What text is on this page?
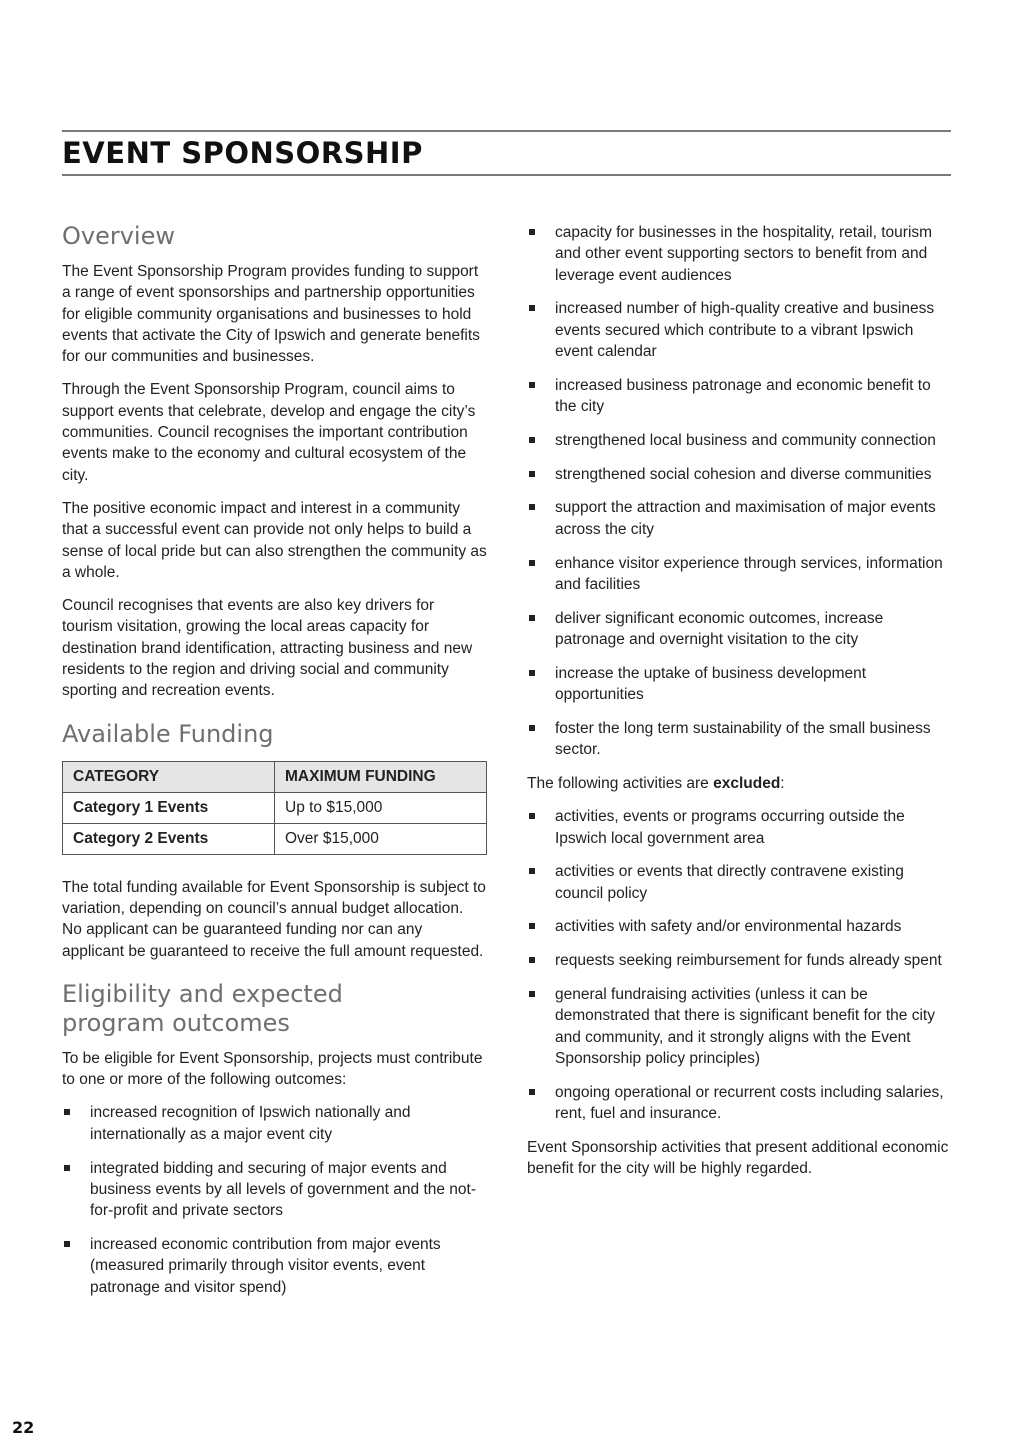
EVENT SPONSORSHIP
Overview

The Event Sponsorship Program provides funding to support a range of event sponsorships and partnership opportunities for eligible community organisations and businesses to hold events that activate the City of Ipswich and generate benefits for our communities and businesses.

Through the Event Sponsorship Program, council aims to support events that celebrate, develop and engage the city’s communities. Council recognises the important contribution events make to the economy and cultural ecosystem of the city.

The positive economic impact and interest in a community that a successful event can provide not only helps to build a sense of local pride but can also strengthen the community as a whole.

Council recognises that events are also key drivers for tourism visitation, growing the local areas capacity for destination brand identification, attracting business and new residents to the region and driving social and community sporting and recreation events.

Available Funding
CATEGORY	MAXIMUM FUNDING
Category 1 Events	Up to $15,000
Category 2 Events	Over $15,000

The total funding available for Event Sponsorship is subject to variation, depending on council’s annual budget allocation. No applicant can be guaranteed funding nor can any applicant be guaranteed to receive the full amount requested.

Eligibility and expected
program outcomes

To be eligible for Event Sponsorship, projects must contribute to one or more of the following outcomes:

increased recognition of Ipswich nationally and internationally as a major event city
integrated bidding and securing of major events and business events by all levels of government and the not-for-profit and private sectors
increased economic contribution from major events (measured primarily through visitor events, event patronage and visitor spend)
capacity for businesses in the hospitality, retail, tourism and other event supporting sectors to benefit from and leverage event audiences
increased number of high-quality creative and business events secured which contribute to a vibrant Ipswich event calendar
increased business patronage and economic benefit to the city
strengthened local business and community connection
strengthened social cohesion and diverse communities
support the attraction and maximisation of major events across the city
enhance visitor experience through services, information and facilities
deliver significant economic outcomes, increase patronage and overnight visitation to the city
increase the uptake of business development opportunities
foster the long term sustainability of the small business sector.

The following activities are excluded:

activities, events or programs occurring outside the Ipswich local government area
activities or events that directly contravene existing council policy
activities with safety and/or environmental hazards
requests seeking reimbursement for funds already spent
general fundraising activities (unless it can be demonstrated that there is significant benefit for the city and community, and it strongly aligns with the Event Sponsorship policy principles)
ongoing operational or recurrent costs including salaries, rent, fuel and insurance.

Event Sponsorship activities that present additional economic benefit for the city will be highly regarded.

22
